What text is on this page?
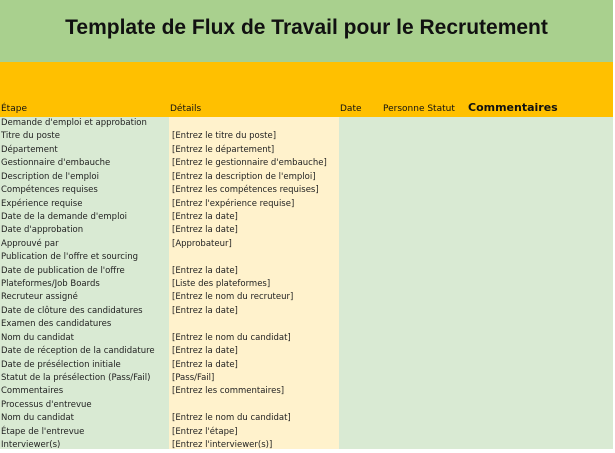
Template de Flux de Travail pour le Recrutement
Étape	Détails	Date Personne Statut Commentaires
Demande d'emploi et approbation
Titre du poste	[Entrez le titre du poste]
Département	[Entrez le département]
Gestionnaire d'embauche	[Entrez le gestionnaire d'embauche]
Description de l'emploi	[Entrez la description de l'emploi]
Compétences requises	[Entrez les compétences requises]
Expérience requise	[Entrez l'expérience requise]
Date de la demande d'emploi	[Entrez la date]
Date d'approbation	[Entrez la date]
Approuvé par	[Approbateur]
Publication de l'offre et sourcing
Date de publication de l'offre	[Entrez la date]
Plateformes/Job Boards	[Liste des plateformes]
Recruteur assigné	[Entrez le nom du recruteur]
Date de clôture des candidatures	[Entrez la date]
Examen des candidatures
Nom du candidat	[Entrez le nom du candidat]
Date de réception de la candidature [Entrez la date]
Date de présélection initiale	[Entrez la date]
Statut de la présélection (Pass/Fail)	[Pass/Fail]
Commentaires	[Entrez les commentaires]
Processus d'entrevue
Nom du candidat	[Entrez le nom du candidat]
Étape de l'entrevue	[Entrez l'étape]
Interviewer(s)	[Entrez l'interviewer(s)]
